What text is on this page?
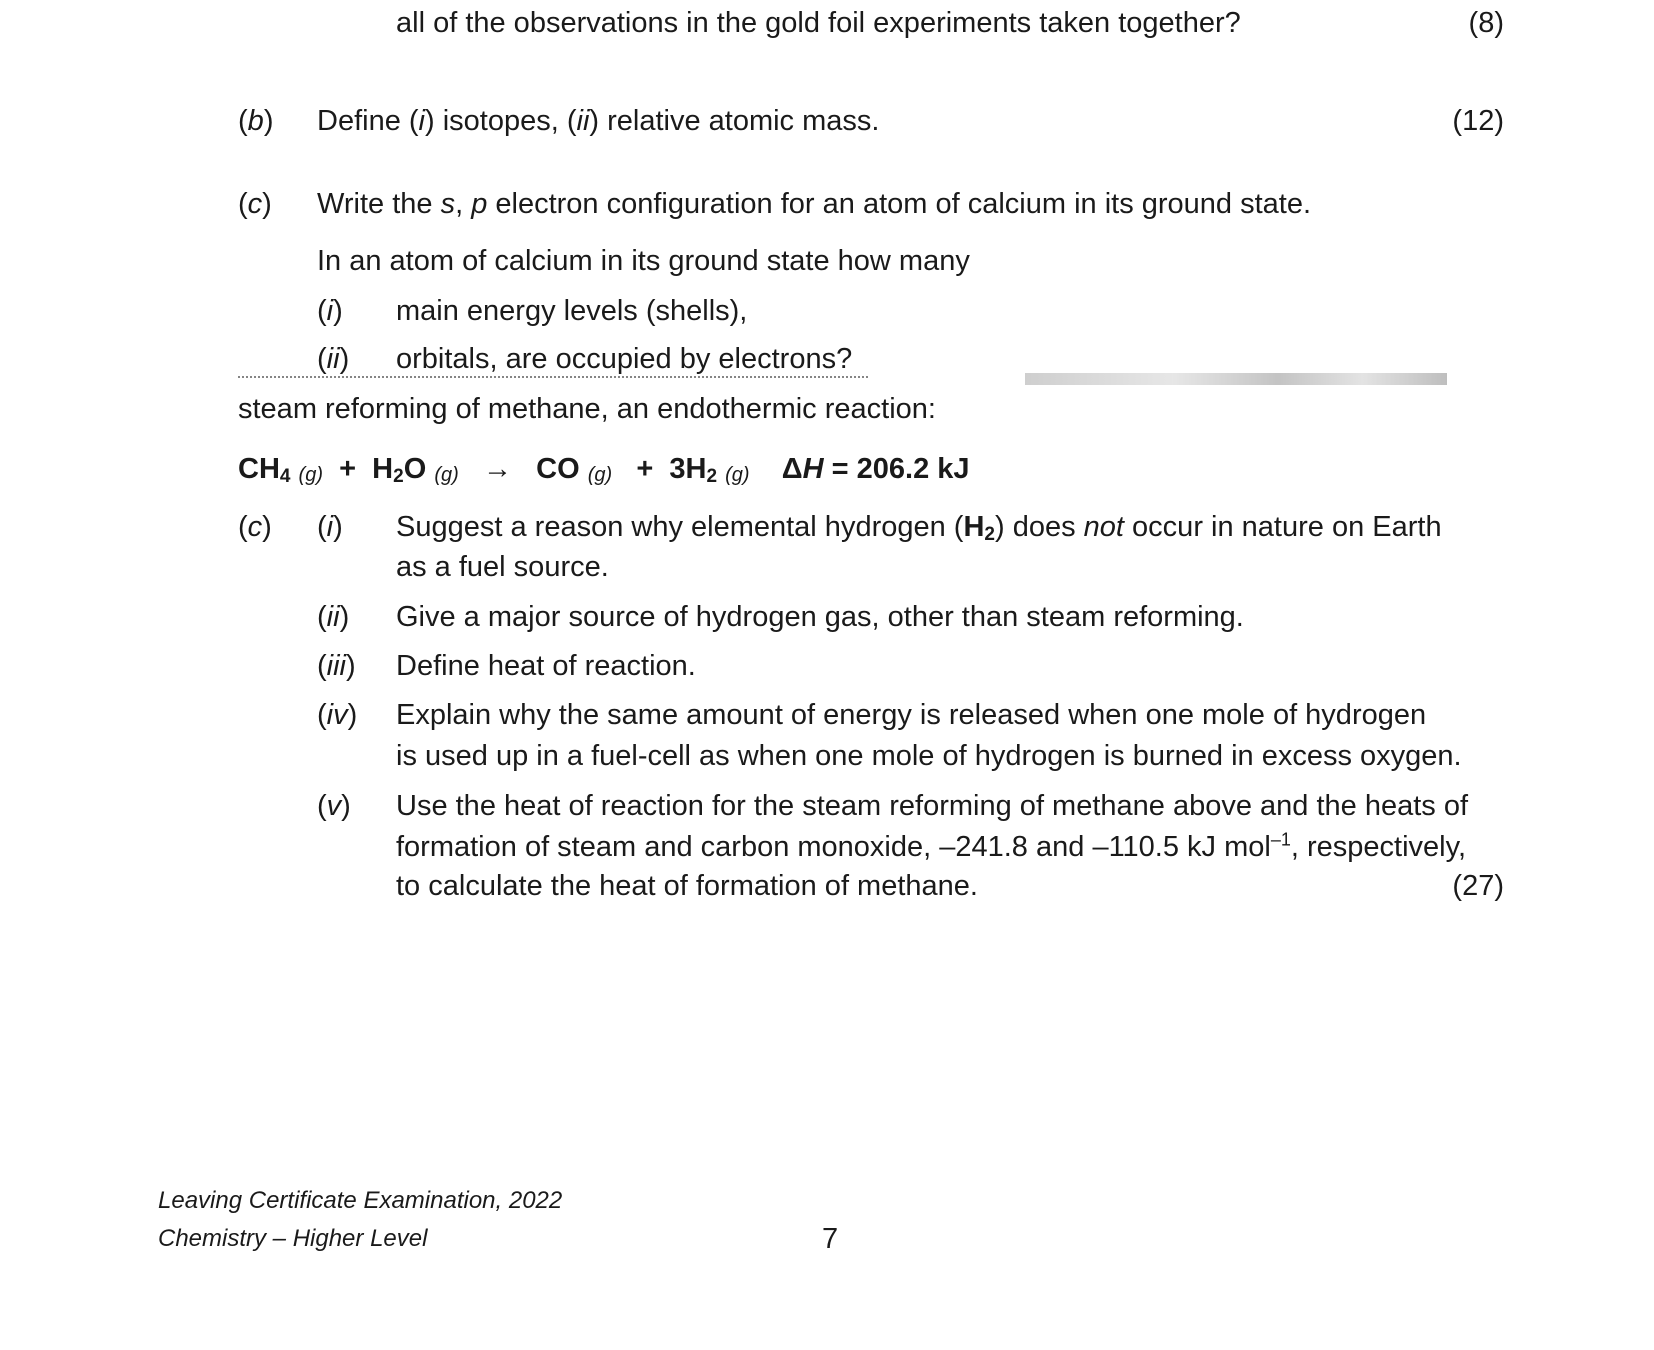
all of the observations in the gold foil experiments taken together?	(8)
(b) Define (i) isotopes, (ii) relative atomic mass.	(12)
(c) Write the s, p electron configuration for an atom of calcium in its ground state.
In an atom of calcium in its ground state how many
(i) main energy levels (shells),
(ii) orbitals, are occupied by electrons?
steam reforming of methane, an endothermic reaction:
$CH_4$ $(g) + H_2O$ (g) → CO $(g) + 3H_2$ (g) ΔH = 206.2 kJ
(c) (i) Suggest a reason why elemental hydrogen $(H_2)$ does not occur in nature on Earth
as a fuel source.
(ii) Give a major source of hydrogen gas, other than steam reforming.
(iii) Define heat of reaction.
(iv) Explain why the same amount of energy is released when one mole of hydrogen
is used up in a fuel-cell as when one mole of hydrogen is burned in excess oxygen.
(v) Use the heat of reaction for the steam reforming of methane above and the heats of
formation of steam and carbon monoxide, –241.8 and –110.5 kJ mol$^{-1}$, respectively,
to calculate the heat of formation of methane.	(27)
Leaving Certificate Examination, 2022
Chemistry – Higher Level	7
